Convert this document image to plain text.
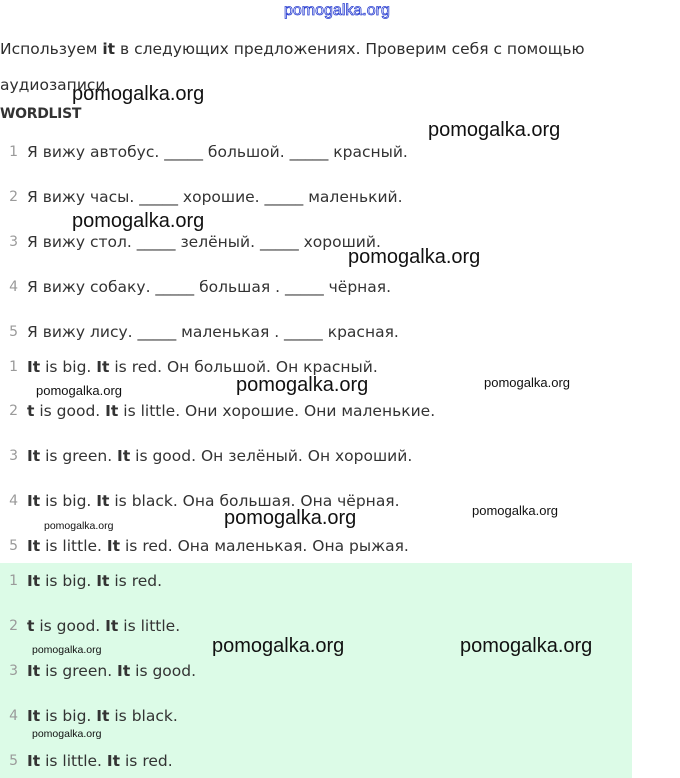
pomogalka.org
Используем it в следующих предложениях. Проверим себя с помощью аудиозаписи.
WORDLIST
1 Я вижу автобус. _____ большой. _____ красный.
2 Я вижу часы. _____ хорошие. _____ маленький.
3 Я вижу стол. _____ зелёный. _____ хороший.
4 Я вижу собаку. _____ большая . _____ чёрная.
5 Я вижу лису. _____ маленькая . _____ красная.
1 It is big. It is red. Он большой. Он красный.
2 t is good. It is little. Они хорошие. Они маленькие.
3 It is green. It is good. Он зелёный. Он хороший.
4 It is big. It is black. Она большая. Она чёрная.
5 It is little. It is red. Она маленькая. Она рыжая.
1 It is big. It is red.
2 t is good. It is little.
3 It is green. It is good.
4 It is big. It is black.
5 It is little. It is red.
pomogalka.org
pomogalka.org
pomogalka.org
pomogalka.org
pomogalka.org	pomogalka.org	pomogalka.org
pomogalka.org	pomogalka.org	pomogalka.org
pomogalka.org	pomogalka.org	pomogalka.org
pomogalka.org
